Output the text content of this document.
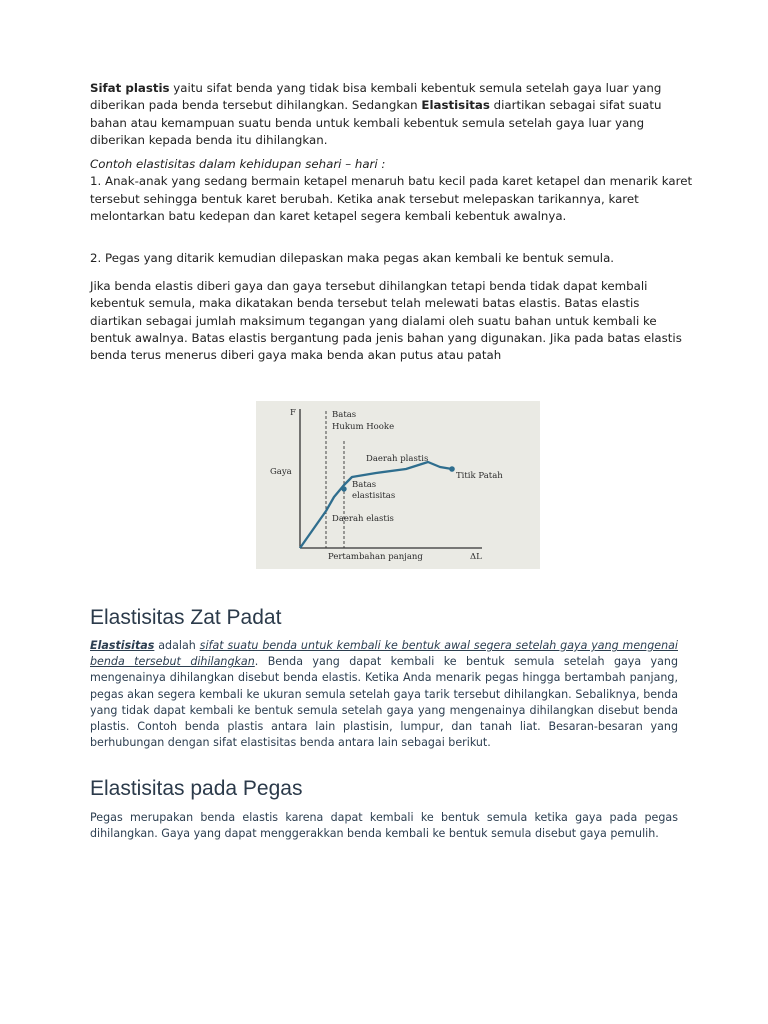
Sifat plastis yaitu sifat benda yang tidak bisa kembali kebentuk semula setelah gaya luar yang diberikan pada benda tersebut dihilangkan. Sedangkan Elastisitas diartikan sebagai sifat suatu bahan atau kemampuan suatu benda untuk kembali kebentuk semula setelah gaya luar yang diberikan kepada benda itu dihilangkan.

Contoh elastisitas dalam kehidupan sehari – hari :
1. Anak-anak yang sedang bermain ketapel menaruh batu kecil pada karet ketapel dan menarik karet tersebut sehingga bentuk karet berubah. Ketika anak tersebut melepaskan tarikannya, karet melontarkan batu kedepan dan karet ketapel segera kembali kebentuk awalnya.

2. Pegas yang ditarik kemudian dilepaskan maka pegas akan kembali ke bentuk semula.

Jika benda elastis diberi gaya dan gaya tersebut dihilangkan tetapi benda tidak dapat kembali kebentuk semula, maka dikatakan benda tersebut telah melewati batas elastis. Batas elastis diartikan sebagai jumlah maksimum tegangan yang dialami oleh suatu bahan untuk kembali ke bentuk awalnya. Batas elastis bergantung pada jenis bahan yang digunakan. Jika pada batas elastis benda terus menerus diberi gaya maka benda akan putus atau patah

F
Gaya
Pertambahan panjang	ΔL
Batas
Hukum Hooke
Daerah plastis
Titik Patah
Batas
elastisitas
Daerah elastis
Elastisitas Zat Padat

Elastisitas adalah sifat suatu benda untuk kembali ke bentuk awal segera setelah gaya yang mengenai benda tersebut dihilangkan. Benda yang dapat kembali ke bentuk semula setelah gaya yang mengenainya dihilangkan disebut benda elastis. Ketika Anda menarik pegas hingga bertambah panjang, pegas akan segera kembali ke ukuran semula setelah gaya tarik tersebut dihilangkan. Sebaliknya, benda yang tidak dapat kembali ke bentuk semula setelah gaya yang mengenainya dihilangkan disebut benda plastis. Contoh benda plastis antara lain plastisin, lumpur, dan tanah liat. Besaran-besaran yang berhubungan dengan sifat elastisitas benda antara lain sebagai berikut.

Elastisitas pada Pegas

Pegas merupakan benda elastis karena dapat kembali ke bentuk semula ketika gaya pada pegas dihilangkan. Gaya yang dapat menggerakkan benda kembali ke bentuk semula disebut gaya pemulih.
